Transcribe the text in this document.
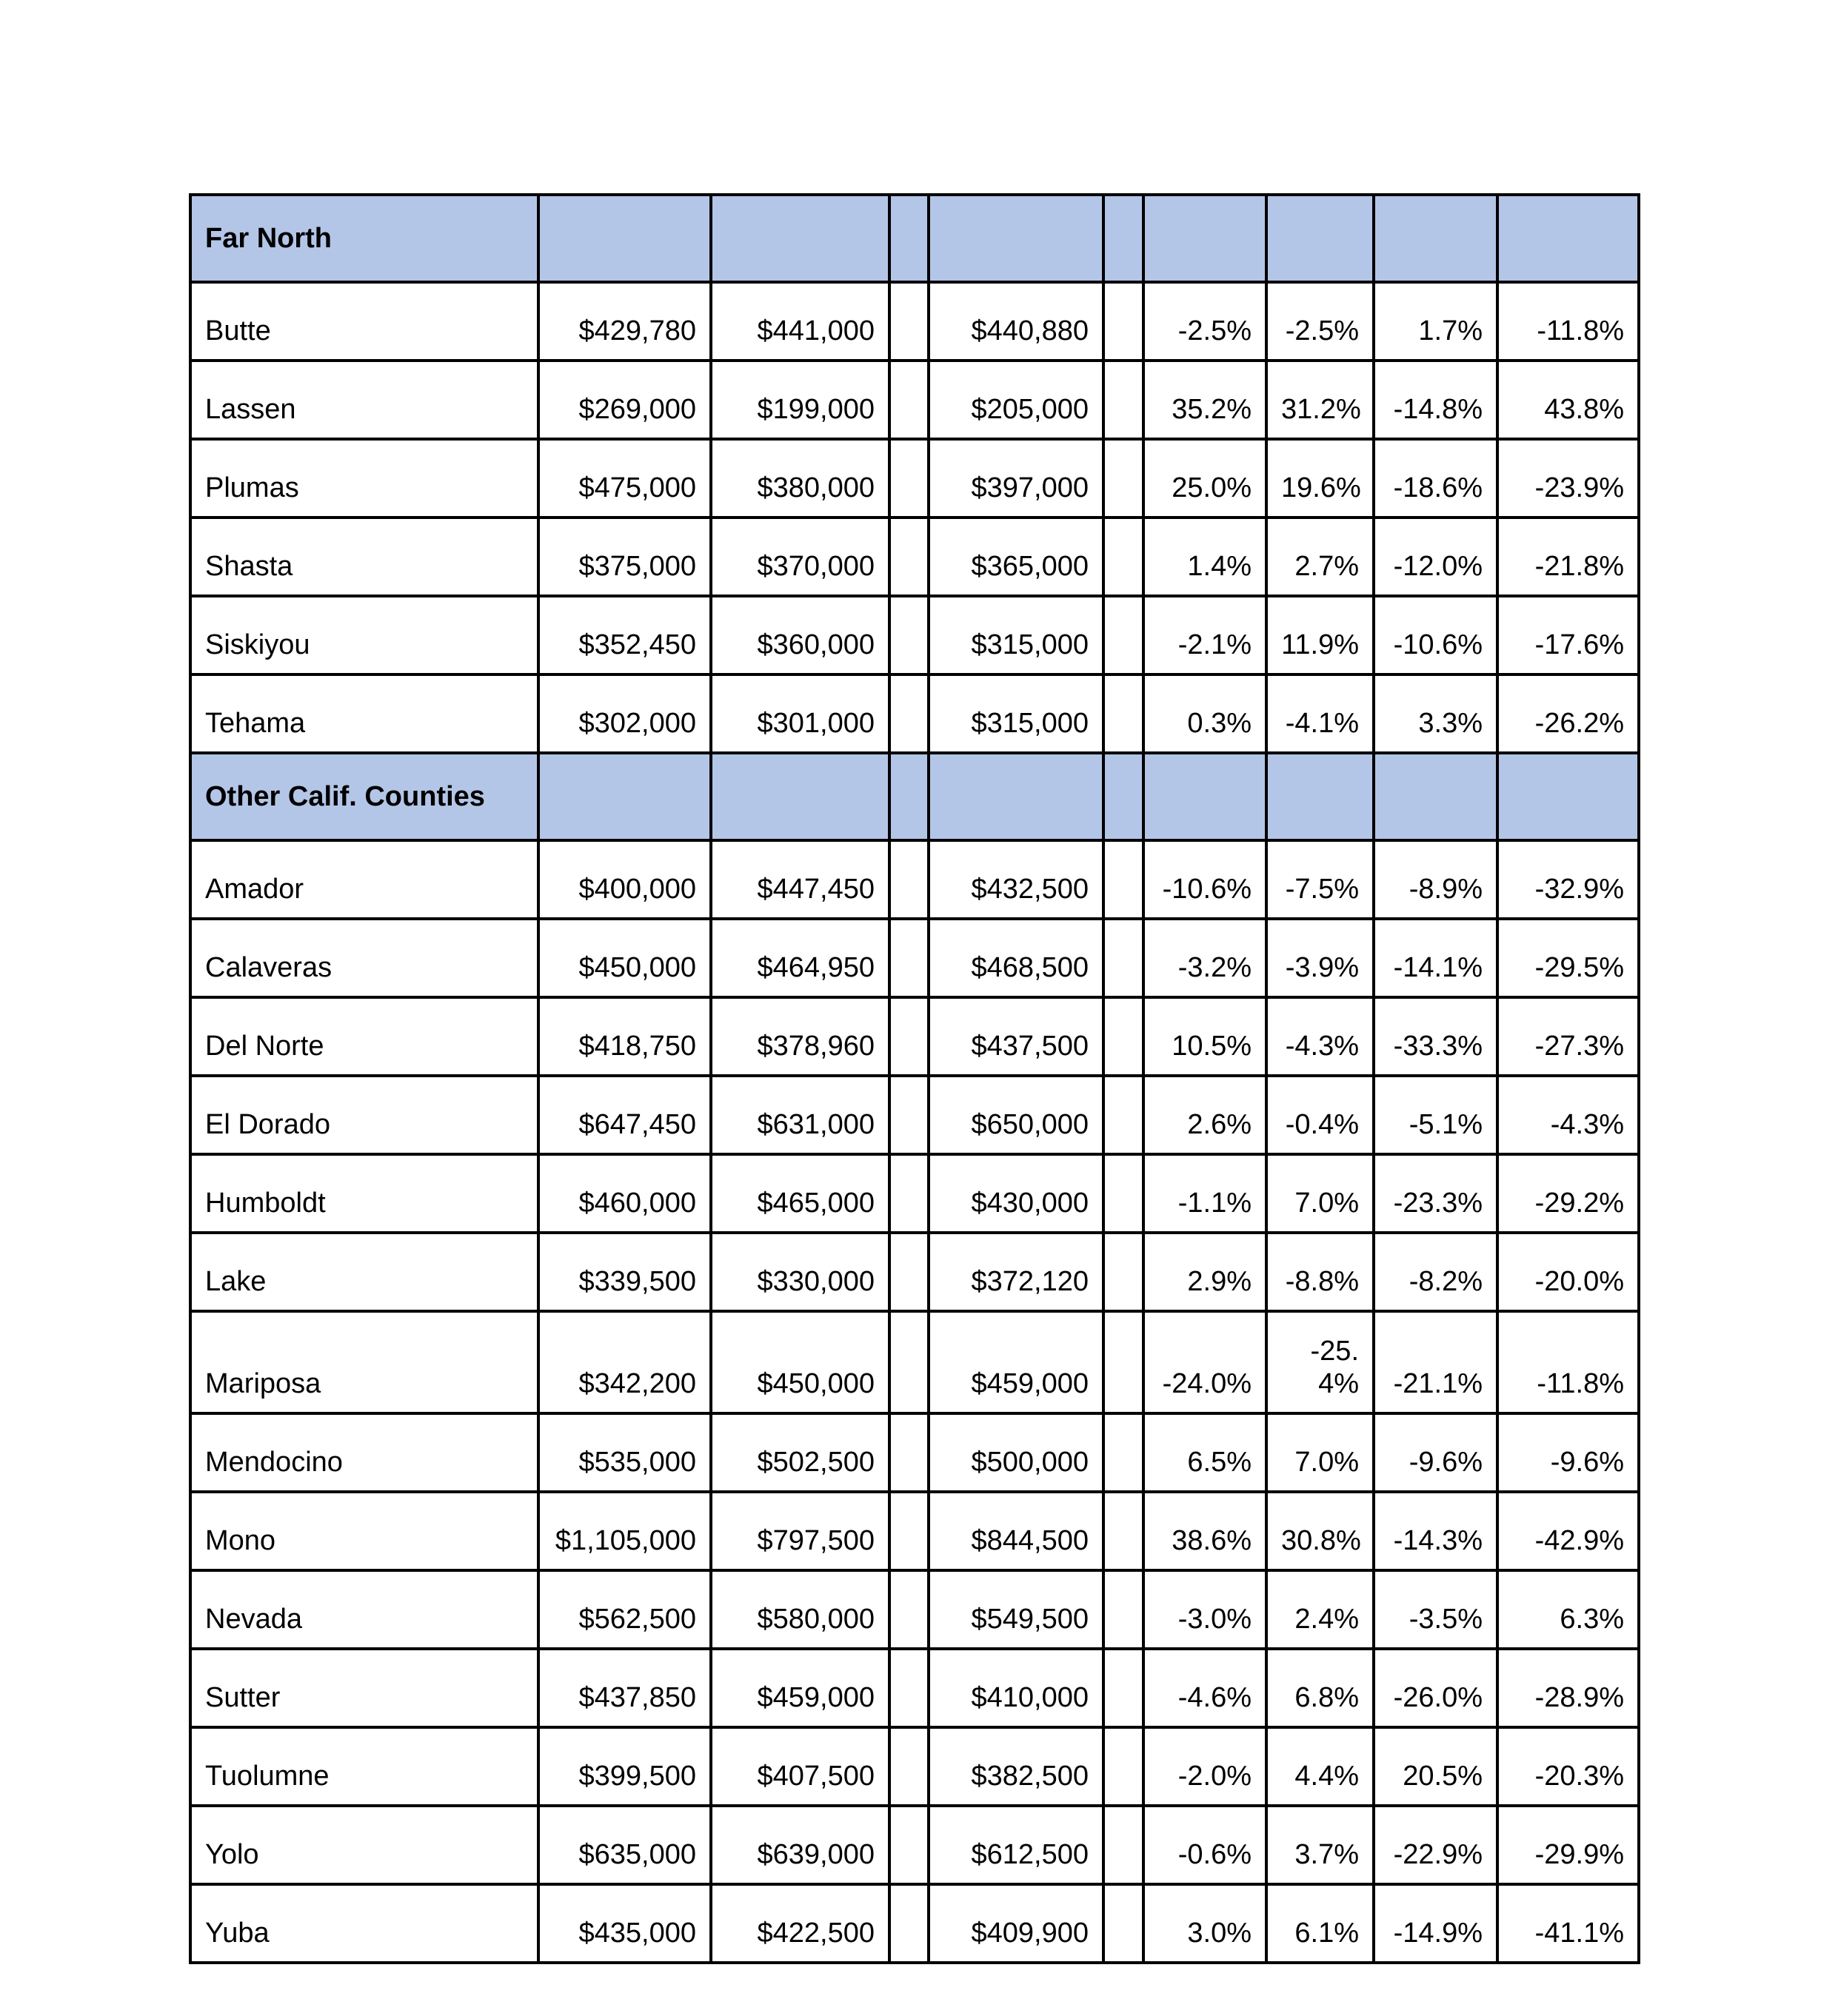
Far North									
Butte	$429,780	$441,000		$440,880		-2.5%	-2.5%	1.7%	-11.8%
Lassen	$269,000	$199,000		$205,000		35.2%	31.2%	-14.8%	43.8%
Plumas	$475,000	$380,000		$397,000		25.0%	19.6%	-18.6%	-23.9%
Shasta	$375,000	$370,000		$365,000		1.4%	2.7%	-12.0%	-21.8%
Siskiyou	$352,450	$360,000		$315,000		-2.1%	11.9%	-10.6%	-17.6%
Tehama	$302,000	$301,000		$315,000		0.3%	-4.1%	3.3%	-26.2%
Other Calif. Counties									
Amador	$400,000	$447,450		$432,500		-10.6%	-7.5%	-8.9%	-32.9%
Calaveras	$450,000	$464,950		$468,500		-3.2%	-3.9%	-14.1%	-29.5%
Del Norte	$418,750	$378,960		$437,500		10.5%	-4.3%	-33.3%	-27.3%
El Dorado	$647,450	$631,000		$650,000		2.6%	-0.4%	-5.1%	-4.3%
Humboldt	$460,000	$465,000		$430,000		-1.1%	7.0%	-23.3%	-29.2%
Lake	$339,500	$330,000		$372,120		2.9%	-8.8%	-8.2%	-20.0%
Mariposa	$342,200	$450,000		$459,000		-24.0%	-25.4%	-21.1%	-11.8%
Mendocino	$535,000	$502,500		$500,000		6.5%	7.0%	-9.6%	-9.6%
Mono	$1,105,000	$797,500		$844,500		38.6%	30.8%	-14.3%	-42.9%
Nevada	$562,500	$580,000		$549,500		-3.0%	2.4%	-3.5%	6.3%
Sutter	$437,850	$459,000		$410,000		-4.6%	6.8%	-26.0%	-28.9%
Tuolumne	$399,500	$407,500		$382,500		-2.0%	4.4%	20.5%	-20.3%
Yolo	$635,000	$639,000		$612,500		-0.6%	3.7%	-22.9%	-29.9%
Yuba	$435,000	$422,500		$409,900		3.0%	6.1%	-14.9%	-41.1%
